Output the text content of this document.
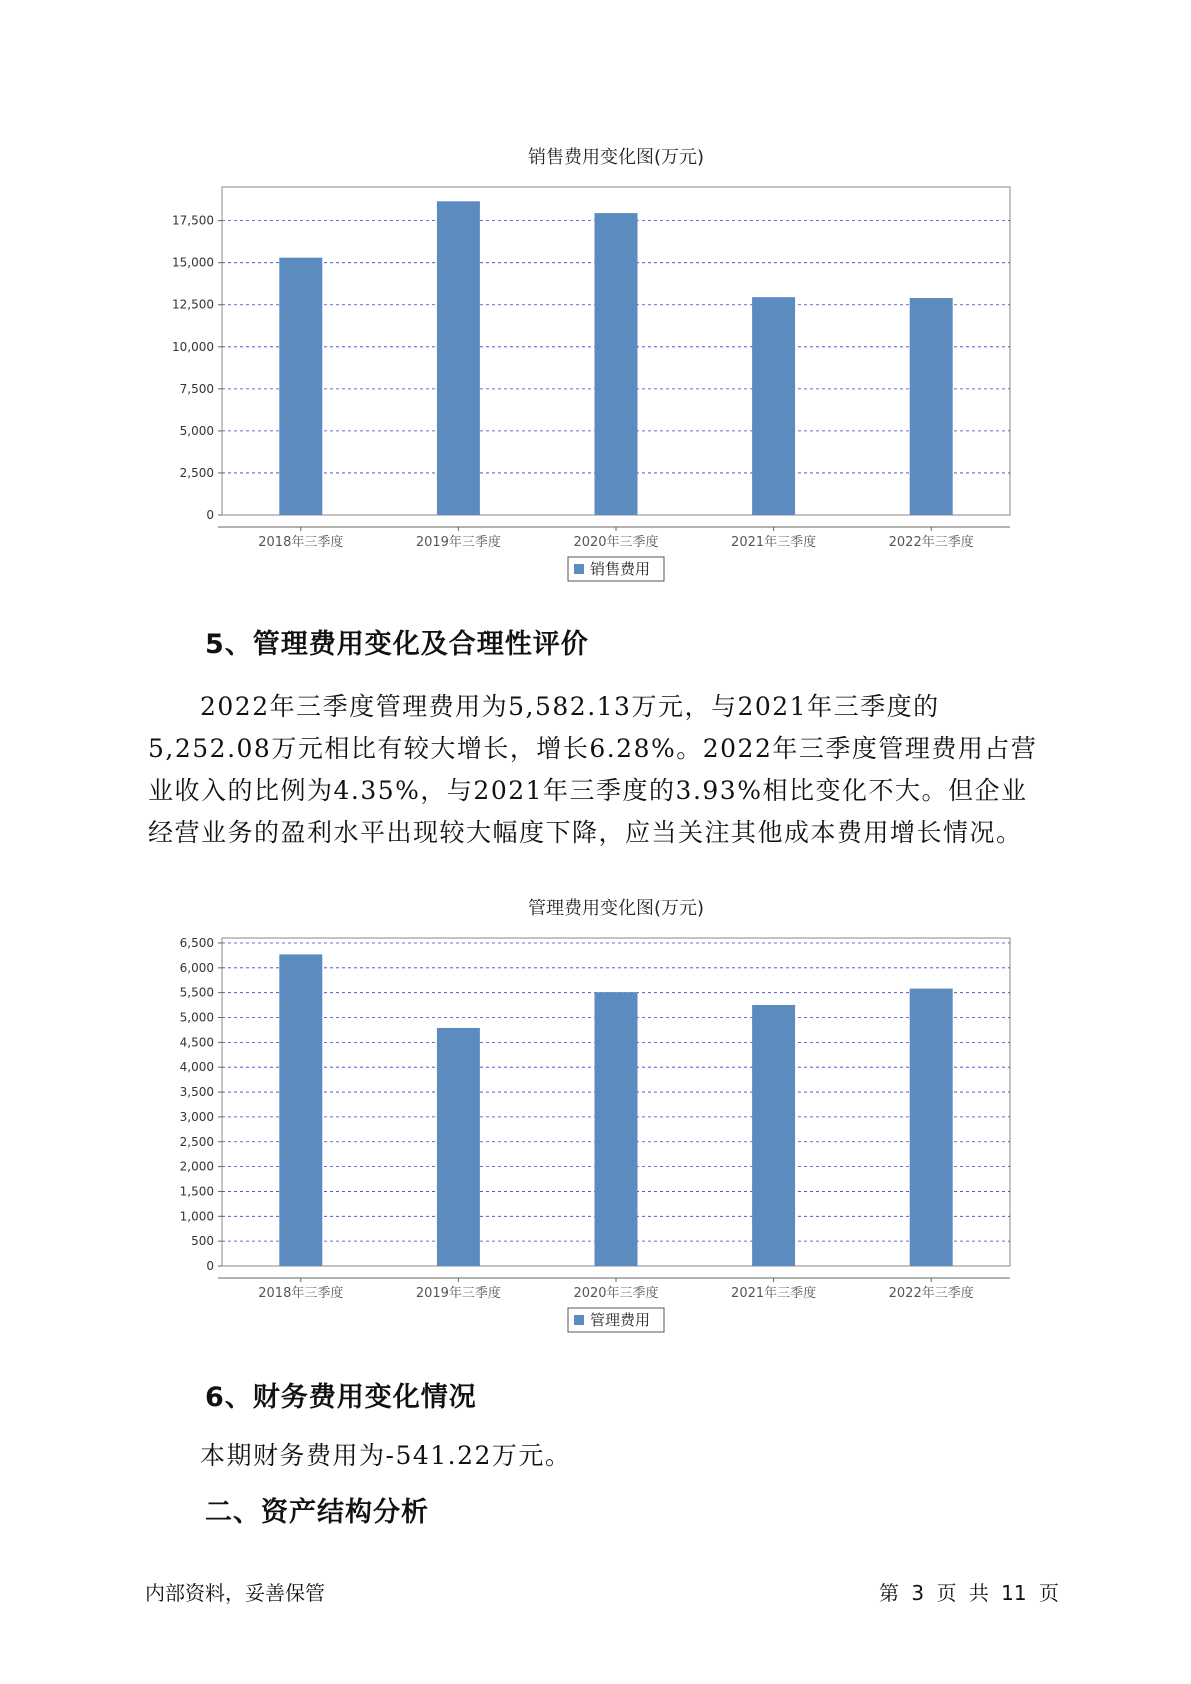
销售费用变化图(万元)
0
2,500
5,000
7,500
10,000
12,500
15,000
17,500
2018年三季度	2019年三季度	2020年三季度	2021年三季度	2022年三季度
销售费用
5、管理费用变化及合理性评价

2022年三季度管理费用为5,582.13万元，与2021年三季度的5,252.08万元相比有较大增长，增长6.28%。2022年三季度管理费用占营业收入的比例为4.35%，与2021年三季度的3.93%相比变化不大。但企业经营业务的盈利水平出现较大幅度下降，应当关注其他成本费用增长情况。

管理费用变化图(万元)
0
500
1,000
1,500
2,000
2,500
3,000
3,500
4,000
4,500
5,000
5,500
6,000
6,500
2018年三季度	2019年三季度	2020年三季度	2021年三季度	2022年三季度
管理费用
6、财务费用变化情况

本期财务费用为-541.22万元。

二、资产结构分析
内部资料，妥善保管	第 3 页 共 11 页
